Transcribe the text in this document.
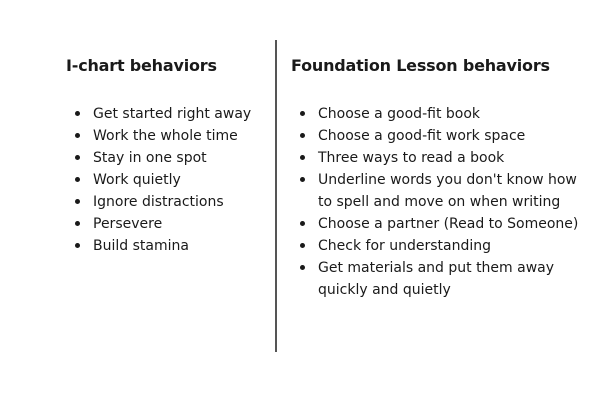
I-chart behaviors
Get started right away
Work the whole time
Stay in one spot
Work quietly
Ignore distractions
Persevere
Build stamina
Foundation Lesson behaviors
Choose a good-fit book
Choose a good-fit work space
Three ways to read a book
Underline words you don't know how to spell and move on when writing
Choose a partner (Read to Someone)
Check for understanding
Get materials and put them away quickly and quietly
